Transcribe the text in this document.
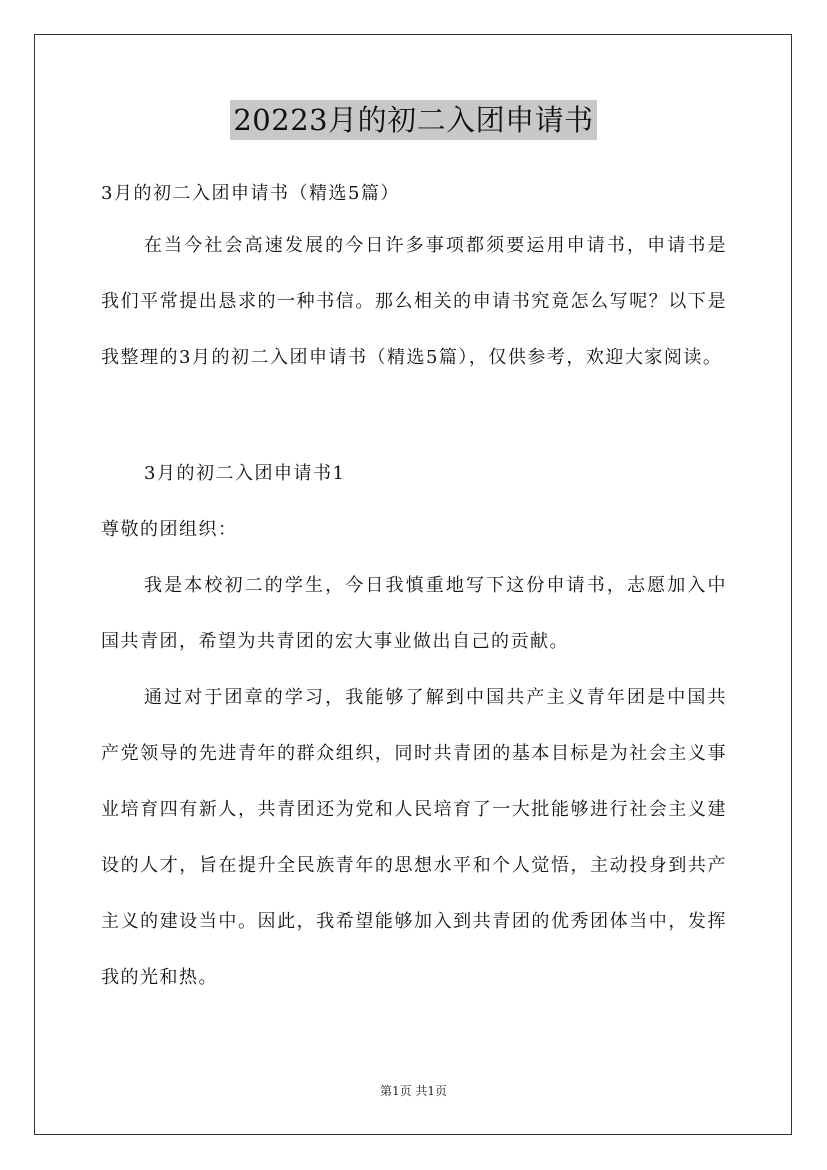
20223月的初二入团申请书

3月的初二入团申请书（精选5篇）

在当今社会高速发展的今日许多事项都须要运用申请书，申请书是我们平常提出恳求的一种书信。那么相关的申请书究竟怎么写呢？以下是我整理的3月的初二入团申请书（精选5篇），仅供参考，欢迎大家阅读。

3月的初二入团申请书1

尊敬的团组织：

我是本校初二的学生，今日我慎重地写下这份申请书，志愿加入中国共青团，希望为共青团的宏大事业做出自己的贡献。

通过对于团章的学习，我能够了解到中国共产主义青年团是中国共产党领导的先进青年的群众组织，同时共青团的基本目标是为社会主义事业培育四有新人，共青团还为党和人民培育了一大批能够进行社会主义建设的人才，旨在提升全民族青年的思想水平和个人觉悟，主动投身到共产主义的建设当中。因此，我希望能够加入到共青团的优秀团体当中，发挥我的光和热。

第1页 共1页
